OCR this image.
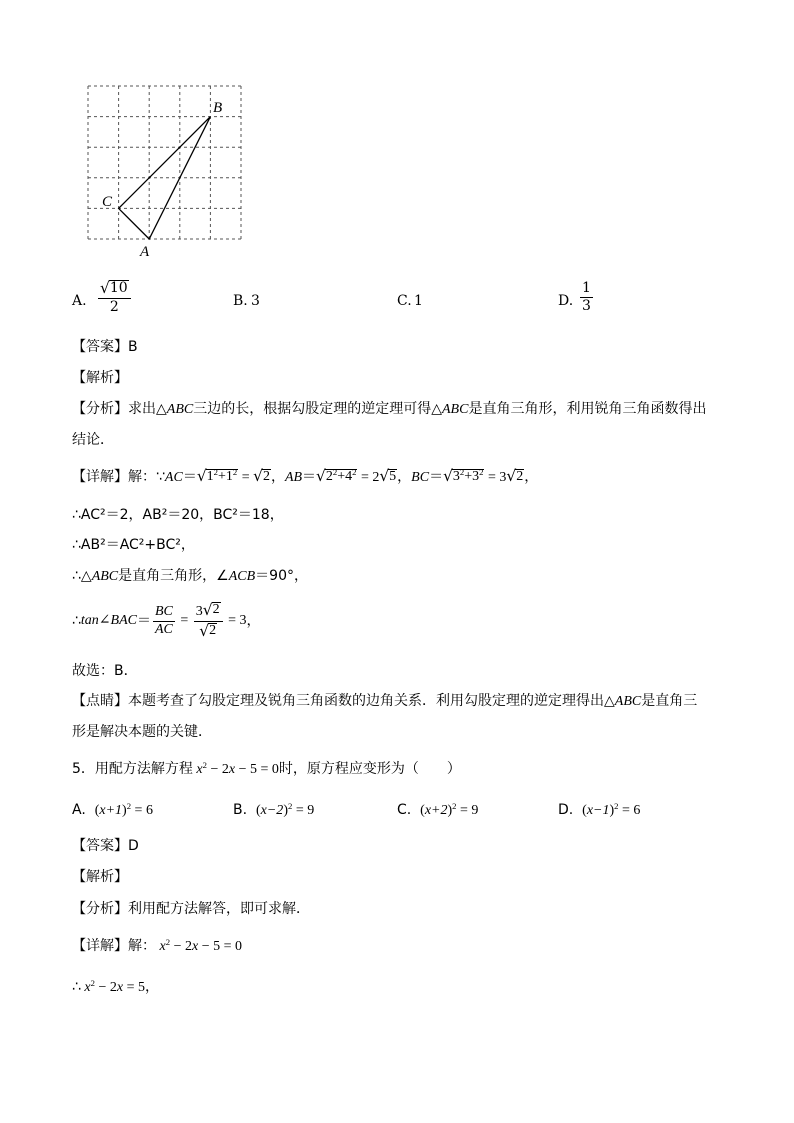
B
C
A
A. $\frac{√ 10}{2}$	B. 3	C. 1	D. $\frac{1}{3}$
【答案】B
【解析】
【分析】求出△ABC三边的长，根据勾股定理的逆定理可得△ABC是直角三角形，利用锐角三角函数得出
结论．
【详解】解：∵AC＝ √ $1^2+1^2$ = √ 2 ，AB＝ √ $2^2+4^2 = 2$ √ 5 ，BC＝ √ $3^2+3^2 = 3$ √ 2 ，
∴AC²＝2，AB²＝20，BC²＝18，
∴AB²＝AC²+BC²，
∴△ABC是直角三角形，∠ACB＝90°，
∴ tan∠BAC ＝ $\frac{BC}{AC} = \frac{3 √ 2}{√ 2} = 3$ ，
故选：B．
【点睛】本题考查了勾股定理及锐角三角函数的边角关系．利用勾股定理的逆定理得出△ABC是直角三
形是解决本题的关键．
5．用配方法解方程 $x^2 - 2x - 5 = 0$时，原方程应变形为（　　）
A. $(x+1)^2 = 6$	B. $(x-2)^2 = 9$	C. $(x+2)^2 = 9$	D. $(x-1)^2 = 6$
【答案】D
【解析】
【分析】利用配方法解答，即可求解．
【详解】解： $x^2 - 2x - 5 = 0$
∴ $x^2 - 2x = 5$，
